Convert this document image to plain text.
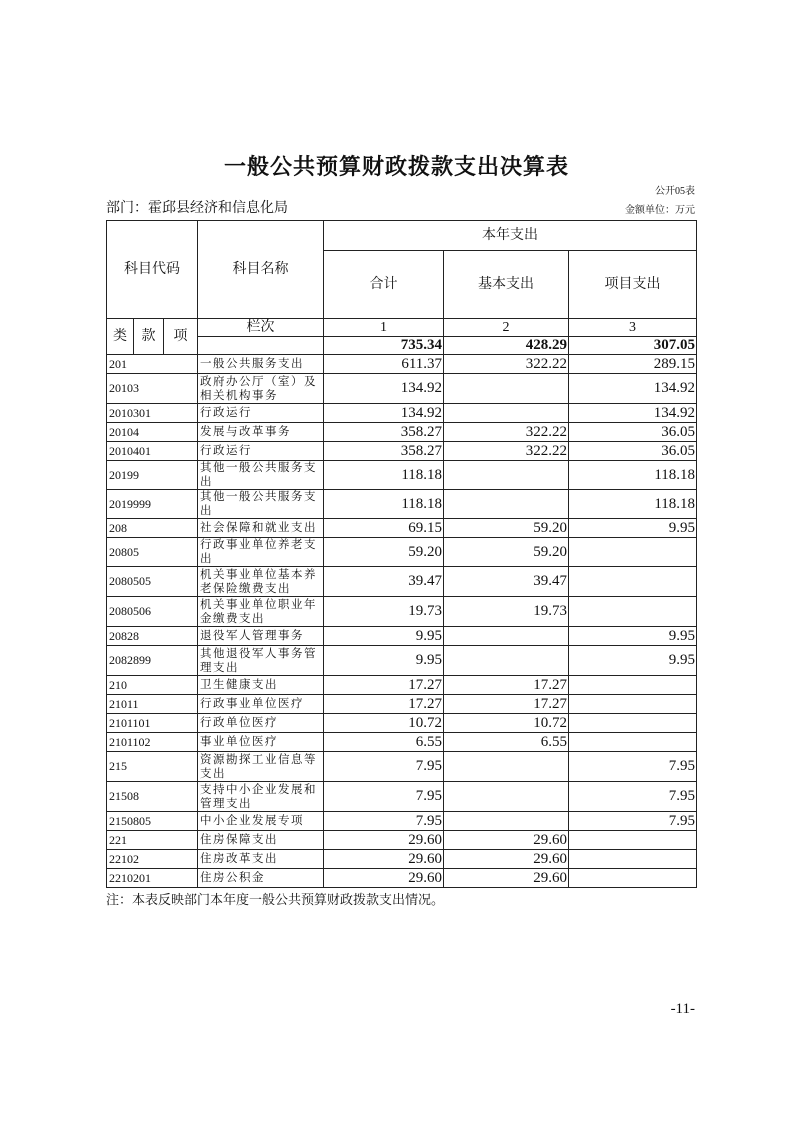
一般公共预算财政拨款支出决算表
公开05表
部门：霍邱县经济和信息化局	金额单位：万元
科目代码			科目名称	本年支出		
				合计	基本支出	项目支出
类	款	项	栏次	1	2	3
				735.34	428.29	307.05
201			一般公共服务支出	611.37	322.22	289.15
20103			政府办公厅（室）及相关机构事务	134.92		134.92
2010301			行政运行	134.92		134.92
20104			发展与改革事务	358.27	322.22	36.05
2010401			行政运行	358.27	322.22	36.05
20199			其他一般公共服务支出	118.18		118.18
2019999			其他一般公共服务支出	118.18		118.18
208			社会保障和就业支出	69.15	59.20	9.95
20805			行政事业单位养老支出	59.20	59.20	
2080505			机关事业单位基本养老保险缴费支出	39.47	39.47	
2080506			机关事业单位职业年金缴费支出	19.73	19.73	
20828			退役军人管理事务	9.95		9.95
2082899			其他退役军人事务管理支出	9.95		9.95
210			卫生健康支出	17.27	17.27	
21011			行政事业单位医疗	17.27	17.27	
2101101			行政单位医疗	10.72	10.72	
2101102			事业单位医疗	6.55	6.55	
215			资源勘探工业信息等支出	7.95		7.95
21508			支持中小企业发展和管理支出	7.95		7.95
2150805			中小企业发展专项	7.95		7.95
221			住房保障支出	29.60	29.60	
22102			住房改革支出	29.60	29.60	
2210201			住房公积金	29.60	29.60	
注：本表反映部门本年度一般公共预算财政拨款支出情况。
-11-
